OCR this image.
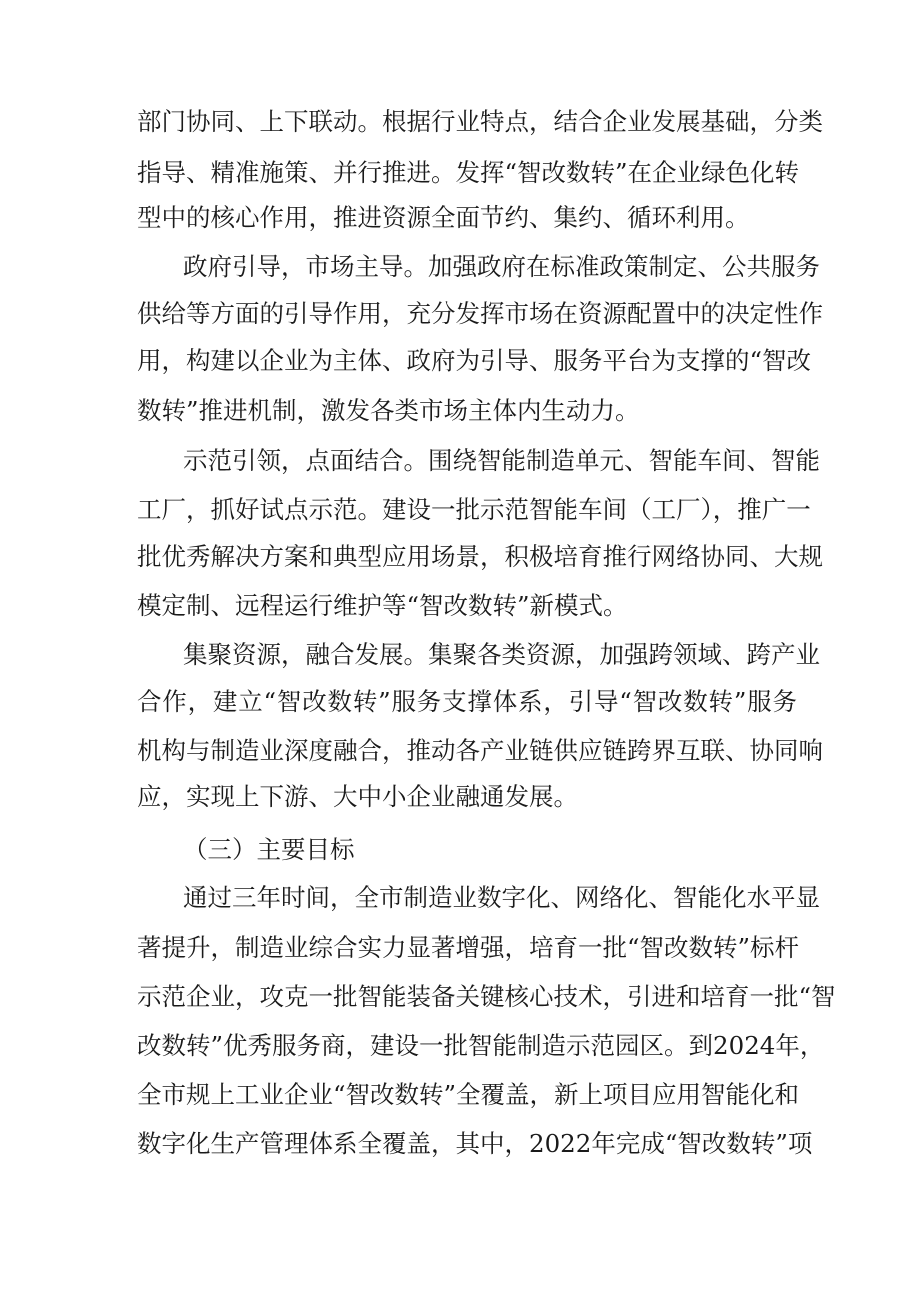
部门协同、上下联动。根据行业特点，结合企业发展基础，分类
指导、精准施策、并行推进。发挥“智改数转”在企业绿色化转
型中的核心作用，推进资源全面节约、集约、循环利用。
政府引导，市场主导。加强政府在标准政策制定、公共服务
供给等方面的引导作用，充分发挥市场在资源配置中的决定性作
用，构建以企业为主体、政府为引导、服务平台为支撑的“智改
数转”推进机制，激发各类市场主体内生动力。
示范引领，点面结合。围绕智能制造单元、智能车间、智能
工厂，抓好试点示范。建设一批示范智能车间（工厂），推广一
批优秀解决方案和典型应用场景，积极培育推行网络协同、大规
模定制、远程运行维护等“智改数转”新模式。
集聚资源，融合发展。集聚各类资源，加强跨领域、跨产业
合作，建立“智改数转”服务支撑体系，引导“智改数转”服务
机构与制造业深度融合，推动各产业链供应链跨界互联、协同响
应，实现上下游、大中小企业融通发展。
（三）主要目标
通过三年时间，全市制造业数字化、网络化、智能化水平显
著提升，制造业综合实力显著增强，培育一批“智改数转”标杆
示范企业，攻克一批智能装备关键核心技术，引进和培育一批“智
改数转”优秀服务商，建设一批智能制造示范园区。到2024年，
全市规上工业企业“智改数转”全覆盖，新上项目应用智能化和
数字化生产管理体系全覆盖，其中，2022年完成“智改数转”项
